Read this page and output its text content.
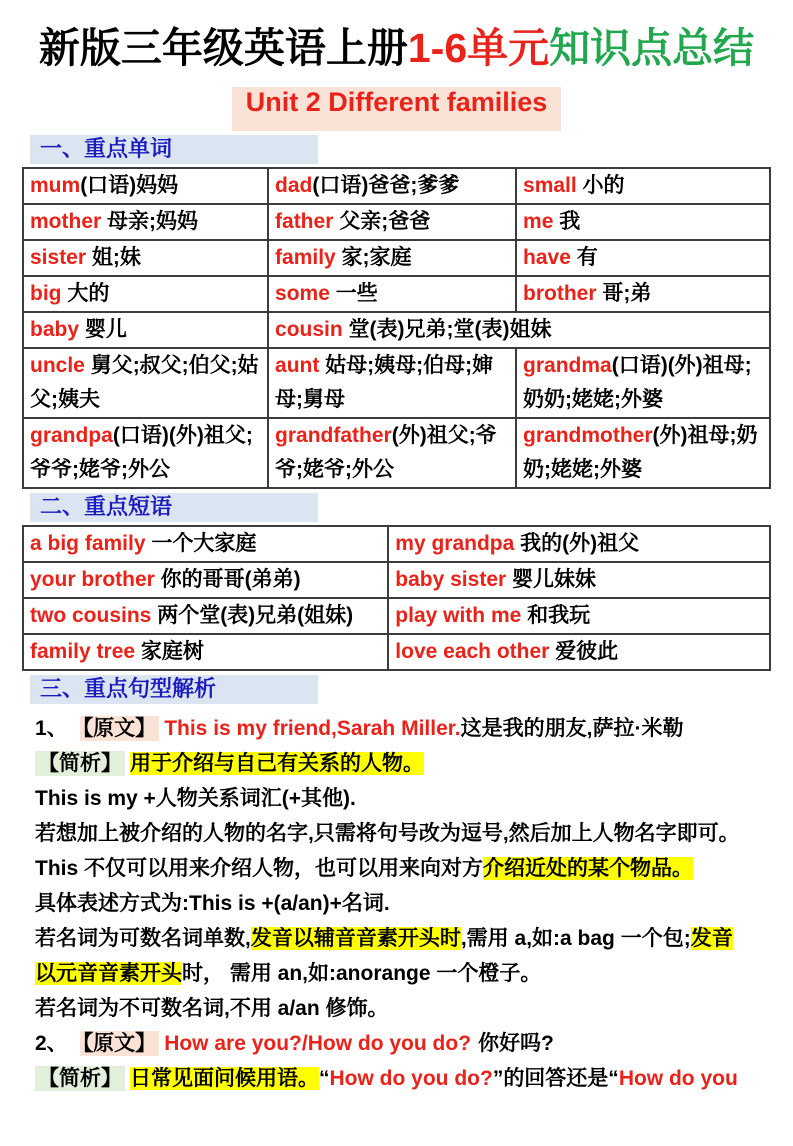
新版三年级英语上册1-6单元知识点总结
Unit 2 Different families
一、重点单词
mum(口语)妈妈	dad(口语)爸爸;爹爹	small 小的
mother 母亲;妈妈	father 父亲;爸爸	me 我
sister 姐;妹	family 家;家庭	have 有
big 大的	some 一些	brother 哥;弟
baby 婴儿	cousin 堂(表)兄弟;堂(表)姐妹	
uncle 舅父;叔父;伯父;姑父;姨夫	aunt 姑母;姨母;伯母;婶母;舅母	grandma(口语)(外)祖母;奶奶;姥姥;外婆
grandpa(口语)(外)祖父;爷爷;姥爷;外公	grandfather(外)祖父;爷爷;姥爷;外公	grandmother(外)祖母;奶奶;姥姥;外婆
二、重点短语
a big family 一个大家庭	my grandpa 我的(外)祖父
your brother 你的哥哥(弟弟)	baby sister 婴儿妹妹
two cousins 两个堂(表)兄弟(姐妹)	play with me 和我玩
family tree 家庭树	love each other 爱彼此
三、重点句型解析
1、 【原文】 This is my friend,Sarah Miller.这是我的朋友,萨拉·米勒
【简析】 用于介绍与自己有关系的人物。
This is my +人物关系词汇(+其他).
若想加上被介绍的人物的名字,只需将句号改为逗号,然后加上人物名字即可。
This 不仅可以用来介绍人物，也可以用来向对方介绍近处的某个物品。
具体表述方式为:This is +(a/an)+名词.
若名词为可数名词单数,发音以辅音音素开头时,需用 a,如:a bag 一个包;发音
以元音音素开头时， 需用 an,如:anorange 一个橙子。
若名词为不可数名词,不用 a/an 修饰。
2、 【原文】 How are you?/How do you do? 你好吗?
【简析】 日常见面问候用语。“How do you do?”的回答还是“How do you
